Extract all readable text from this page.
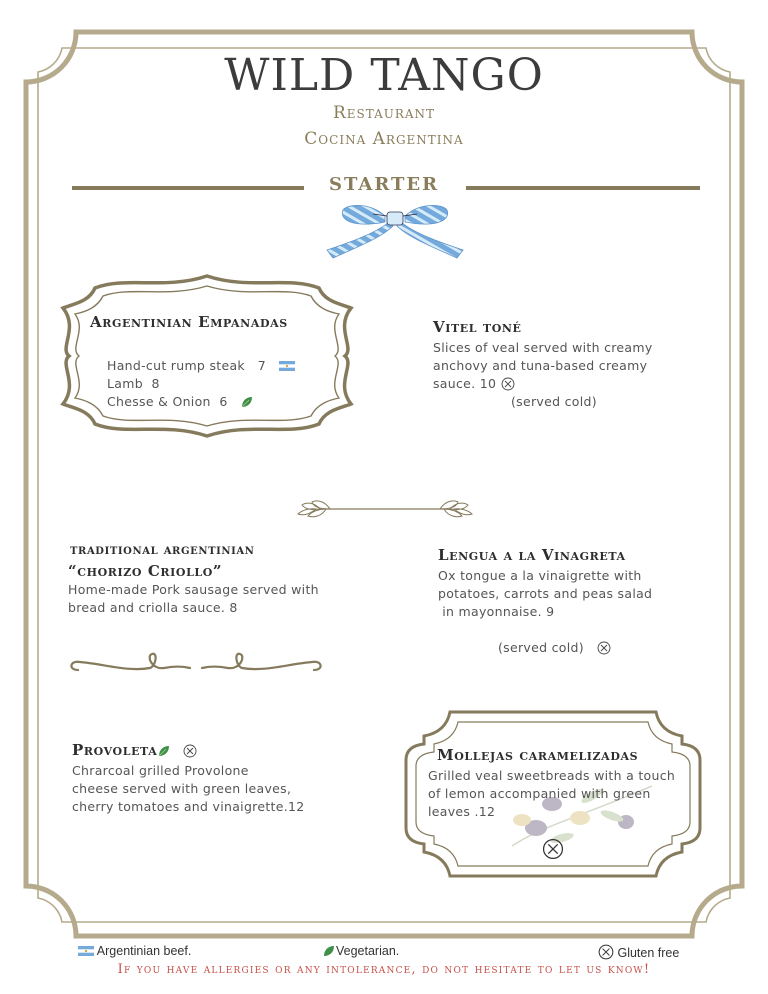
WILD TANGO
Restaurant
Cocina Argentina
STARTER
Argentinian Empanadas
Hand-cut rump steak 7
Lamb 8
Chesse & Onion 6
Vitel toné
Slices of veal served with creamy
anchovy and tuna-based creamy
sauce. 10
(served cold)
traditional argentinian
“chorizo Criollo”
Home-made Pork sausage served with
bread and criolla sauce. 8
Lengua a la Vinagreta
Ox tongue a la vinaigrette with
potatoes, carrots and peas salad
in mayonnaise. 9
(served cold)
Provoleta
Chrarcoal grilled Provolone
cheese served with green leaves,
cherry tomatoes and vinaigrette.12
Mollejas caramelizadas
Grilled veal sweetbreads with a touch
of lemon accompanied with green
leaves .12
Argentinian beef.	Vegetarian.	Gluten free
If you have allergies or any intolerance, do not hesitate to let us know!
